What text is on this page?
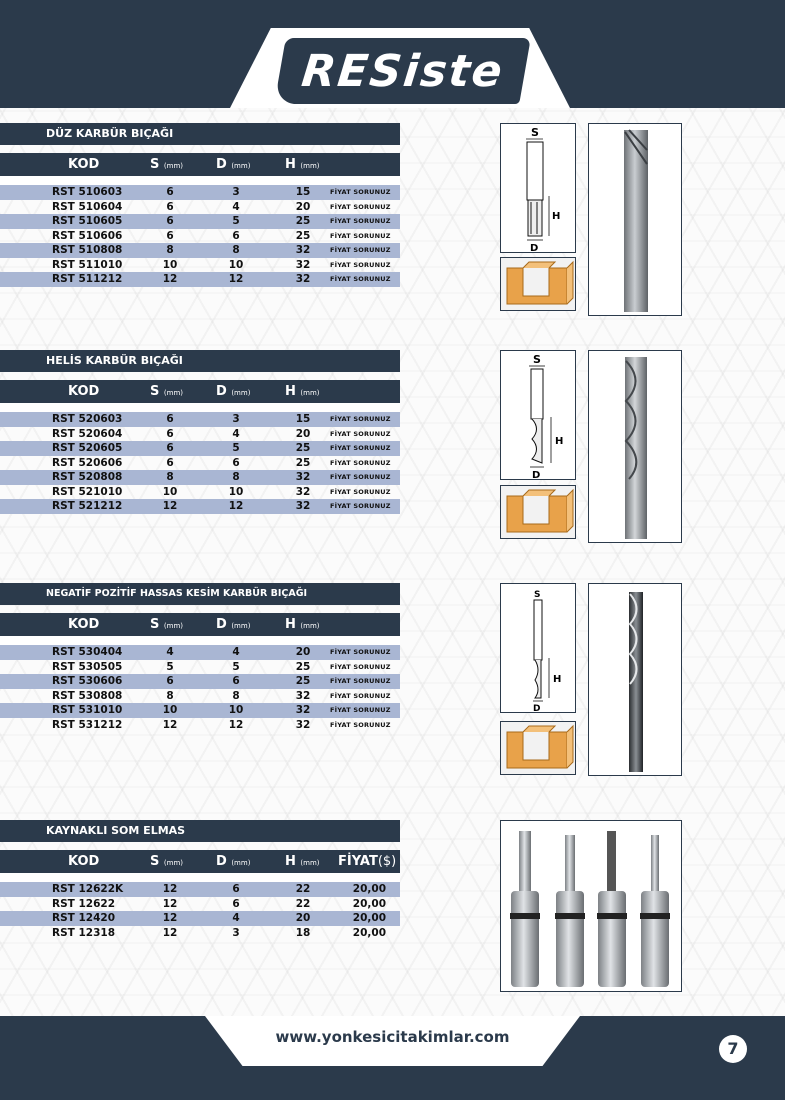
RESiste
DÜZ KARBÜR BIÇAĞI
KOD	S (mm)	D (mm)	H (mm)
RST 510603	6	3	15	FİYAT SORUNUZ
RST 510604	6	4	20	FİYAT SORUNUZ
RST 510605	6	5	25	FİYAT SORUNUZ
RST 510606	6	6	25	FİYAT SORUNUZ
RST 510808	8	8	32	FİYAT SORUNUZ
RST 511010	10	10	32	FİYAT SORUNUZ
RST 511212	12	12	32	FİYAT SORUNUZ
HELİS KARBÜR BIÇAĞI
KOD	S (mm)	D (mm)	H (mm)
RST 520603	6	3	15	FİYAT SORUNUZ
RST 520604	6	4	20	FİYAT SORUNUZ
RST 520605	6	5	25	FİYAT SORUNUZ
RST 520606	6	6	25	FİYAT SORUNUZ
RST 520808	8	8	32	FİYAT SORUNUZ
RST 521010	10	10	32	FİYAT SORUNUZ
RST 521212	12	12	32	FİYAT SORUNUZ
NEGATİF POZİTİF HASSAS KESİM KARBÜR BIÇAĞI
KOD	S (mm)	D (mm)	H (mm)
RST 530404	4	4	20	FİYAT SORUNUZ
RST 530505	5	5	25	FİYAT SORUNUZ
RST 530606	6	6	25	FİYAT SORUNUZ
RST 530808	8	8	32	FİYAT SORUNUZ
RST 531010	10	10	32	FİYAT SORUNUZ
RST 531212	12	12	32	FİYAT SORUNUZ
KAYNAKLI SOM ELMAS
KOD	S (mm)	D (mm)	H (mm) FİYAT($)
RST 12622K	12	6	22	20,00
RST 12622	12	6	22	20,00
RST 12420	12	4	20	20,00
RST 12318	12	3	18	20,00
S
H
D
S
H
D
S
H
D
www.yonkesicitakimlar.com
7
